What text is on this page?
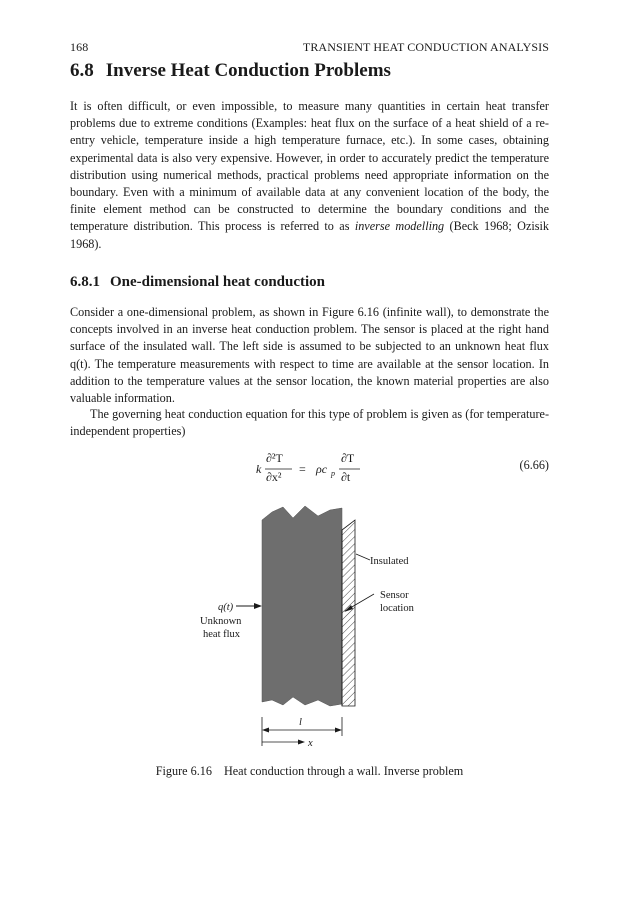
168	TRANSIENT HEAT CONDUCTION ANALYSIS
6.8 Inverse Heat Conduction Problems

It is often difficult, or even impossible, to measure many quantities in certain heat transfer problems due to extreme conditions (Examples: heat flux on the surface of a heat shield of a re-entry vehicle, temperature inside a high temperature furnace, etc.). In some cases, obtaining experimental data is also very expensive. However, in order to accurately predict the temperature distribution using numerical methods, practical problems need appropriate information on the boundary. Even with a minimum of available data at any convenient location of the body, the finite element method can be constructed to determine the boundary conditions and the temperature distribution. This process is referred to as inverse modelling (Beck 1968; Ozisik 1968).

6.8.1 One-dimensional heat conduction

Consider a one-dimensional problem, as shown in Figure 6.16 (infinite wall), to demonstrate the concepts involved in an inverse heat conduction problem. The sensor is placed at the right hand surface of the insulated wall. The left side is assumed to be subjected to an unknown heat flux q(t). The temperature measurements with respect to time are available at the sensor location. In addition to the temperature values at the sensor location, the known material properties are also valuable information.

The governing heat conduction equation for this type of problem is given as (for temperature-independent properties)

k
∂²T
∂x²
= ρc p
∂T
∂t
(6.66)
Insulated
Sensor
location
q(t)
Unknown
heat flux
l
x
Figure 6.16 Heat conduction through a wall. Inverse problem
